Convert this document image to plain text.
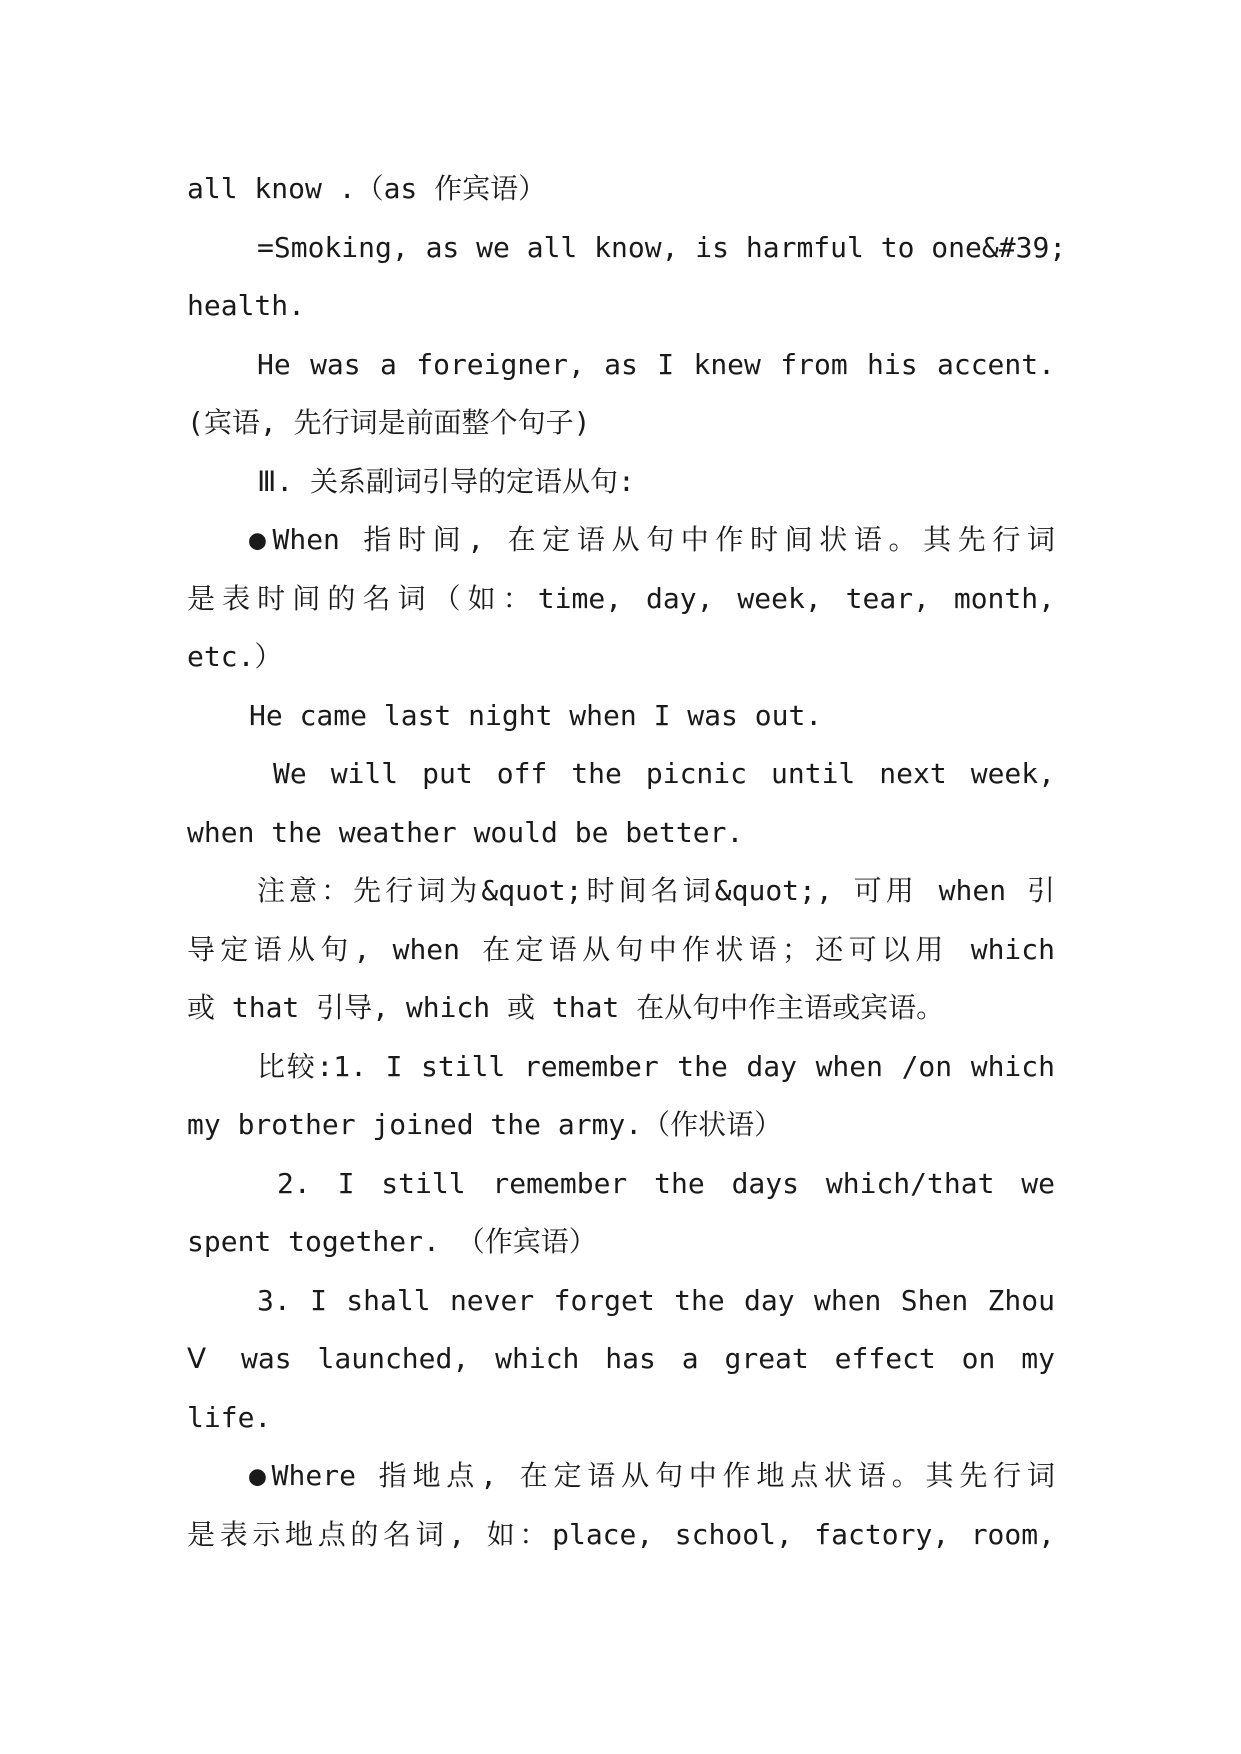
all know .（as 作宾语）
=Smoking, as we all know, is harmful to one&#39;
health.
He was a foreigner, as I knew from his accent.
(宾语, 先行词是前面整个句子)
Ⅲ. 关系副词引导的定语从句:
●When 指时间, 在定语从句中作时间状语。其先行词
是表时间的名词（如：time, day, week, tear, month,
etc.）
He came last night when I was out.
We will put off the picnic until next week,
when the weather would be better.
注意：先行词为&quot;时间名词&quot;, 可用 when 引
导定语从句, when 在定语从句中作状语；还可以用 which
或 that 引导, which 或 that 在从句中作主语或宾语。
比较:1. I still remember the day when /on which
my brother joined the army.（作状语）
2. I still remember the days which/that we
spent together. （作宾语）
3. I shall never forget the day when Shen Zhou
Ⅴ was launched, which has a great effect on my
life.
●Where 指地点, 在定语从句中作地点状语。其先行词
是表示地点的名词, 如：place, school, factory, room,
